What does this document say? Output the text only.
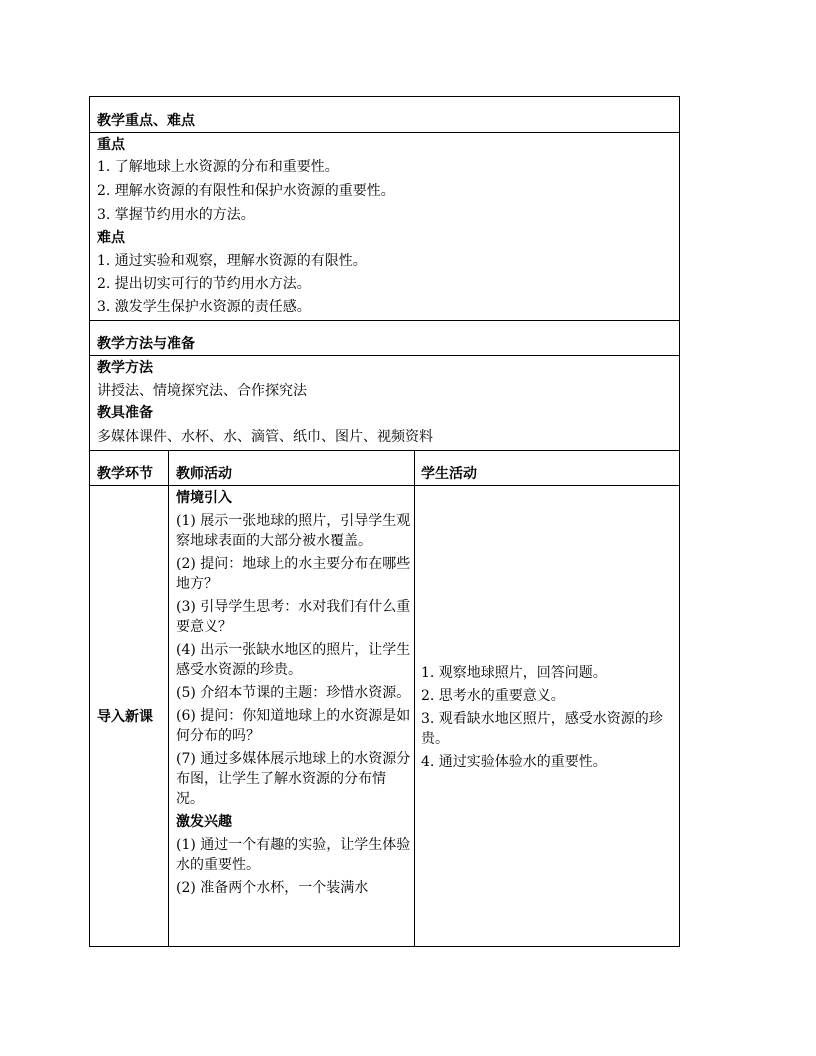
教学重点、难点
重点
1. 了解地球上水资源的分布和重要性。
2. 理解水资源的有限性和保护水资源的重要性。
3. 掌握节约用水的方法。
难点
1. 通过实验和观察，理解水资源的有限性。
2. 提出切实可行的节约用水方法。
3. 激发学生保护水资源的责任感。
教学方法与准备
教学方法
讲授法、情境探究法、合作探究法
教具准备
多媒体课件、水杯、水、滴管、纸巾、图片、视频资料
教学环节 教师活动	学生活动
导入新课
情境引入
(1) 展示一张地球的照片，引导学生观察地球表面的大部分被水覆盖。
(2) 提问：地球上的水主要分布在哪些地方？
(3) 引导学生思考：水对我们有什么重要意义？
(4) 出示一张缺水地区的照片，让学生感受水资源的珍贵。
(5) 介绍本节课的主题：珍惜水资源。
(6) 提问：你知道地球上的水资源是如何分布的吗？
(7) 通过多媒体展示地球上的水资源分布图，让学生了解水资源的分布情况。
激发兴趣
(1) 通过一个有趣的实验，让学生体验水的重要性。
(2) 准备两个水杯，一个装满水
1. 观察地球照片，回答问题。
2. 思考水的重要意义。
3. 观看缺水地区照片，感受水资源的珍贵。
4. 通过实验体验水的重要性。
